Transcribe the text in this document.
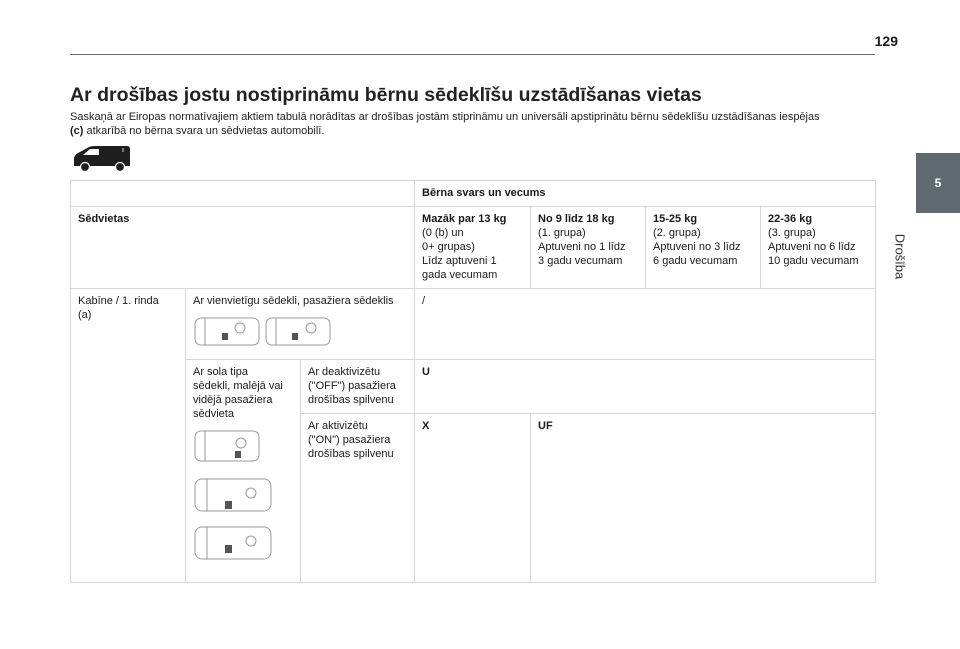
129
5
Drošība
Ar drošības jostu nostiprināmu bērnu sēdeklīšu uzstādīšanas vietas

Saskaņā ar Eiropas normatīvajiem aktiem tabulā norādītas ar drošības jostām stiprināmu un universāli apstiprinātu bērnu sēdeklīšu uzstādīšanas iespējas
(c) atkarībā no bērna svara un sēdvietas automobilī.

			Bērna svars un vecums			
Sēdvietas			Mazāk par 13 kg
(0 (b) un
0+ grupas)
Līdz aptuveni 1
gada vecumam	No 9 līdz 18 kg
(1. grupa)
Aptuveni no 1 līdz
3 gadu vecumam	15-25 kg
(2. grupa)
Aptuveni no 3 līdz
6 gadu vecumam	22-36 kg
(3. grupa)
Aptuveni no 6 līdz
10 gadu vecumam
Kabīne / 1. rinda
(a)	Ar vienvietīgu sēdekli, pasažiera sēdeklis		/			
	Ar sola tipa
sēdekli, malējā vai
vidējā pasažiera
sēdvieta	Ar deaktivizētu
("OFF") pasažiera
drošības spilvenu	U			
		Ar aktivizētu
("ON") pasažiera
drošības spilvenu	X	UF		
